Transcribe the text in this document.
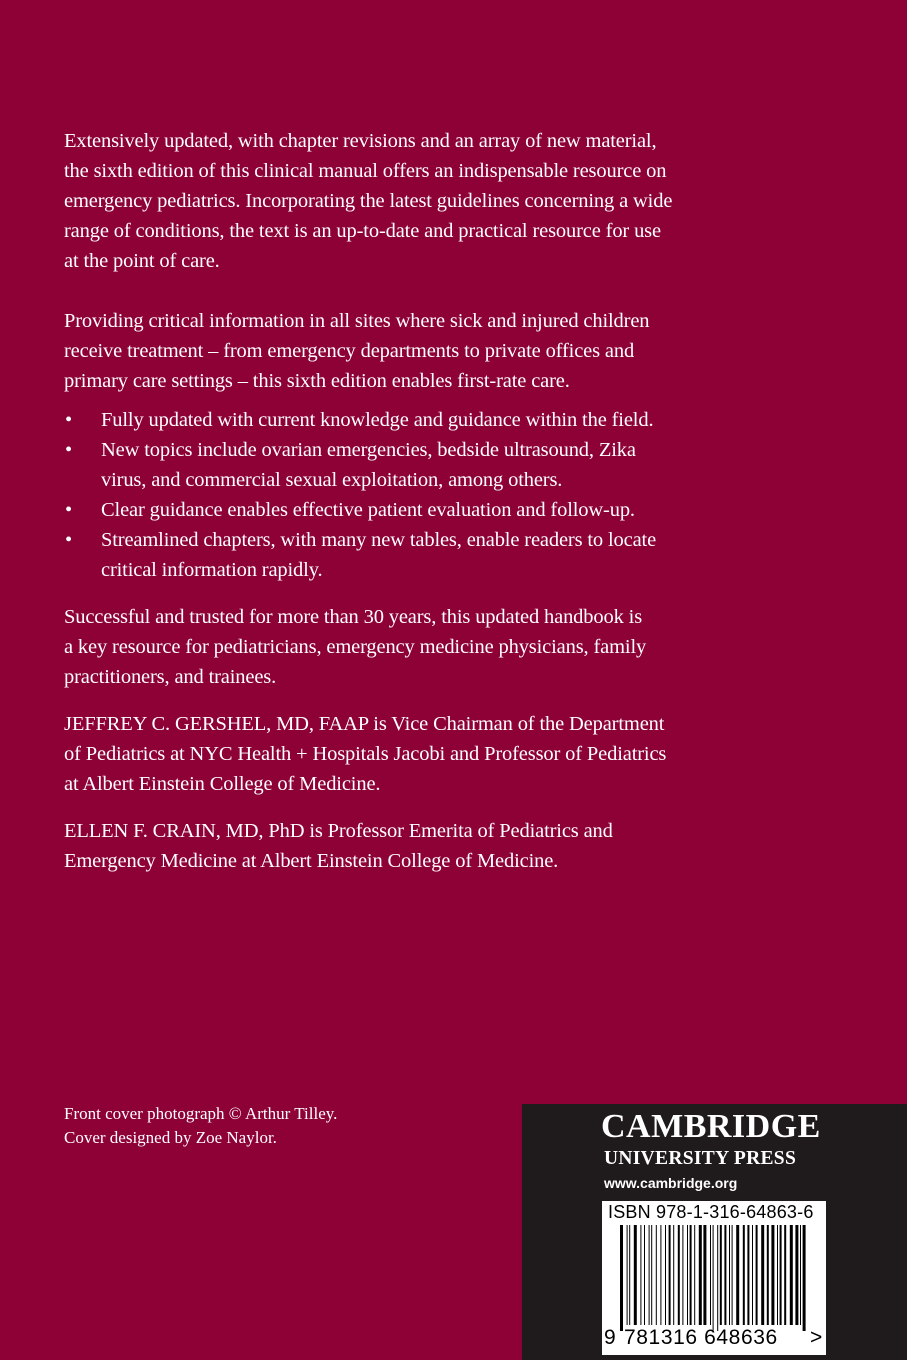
Extensively updated, with chapter revisions and an array of new material,
the sixth edition of this clinical manual offers an indispensable resource on
emergency pediatrics. Incorporating the latest guidelines concerning a wide
range of conditions, the text is an up-to-date and practical resource for use
at the point of care.

Providing critical information in all sites where sick and injured children
receive treatment – from emergency departments to private offices and
primary care settings – this sixth edition enables first-rate care.

• Fully updated with current knowledge and guidance within the field.
• New topics include ovarian emergencies, bedside ultrasound, Zika
virus, and commercial sexual exploitation, among others.
• Clear guidance enables effective patient evaluation and follow-up.
• Streamlined chapters, with many new tables, enable readers to locate
critical information rapidly.

Successful and trusted for more than 30 years, this updated handbook is
a key resource for pediatricians, emergency medicine physicians, family
practitioners, and trainees.

JEFFREY C. GERSHEL, MD, FAAP is Vice Chairman of the Department
of Pediatrics at NYC Health + Hospitals Jacobi and Professor of Pediatrics
at Albert Einstein College of Medicine.

ELLEN F. CRAIN, MD, PhD is Professor Emerita of Pediatrics and
Emergency Medicine at Albert Einstein College of Medicine.

Front cover photograph © Arthur Tilley.
Cover designed by Zoe Naylor.	CAMBRIDGE
UNIVERSITY PRESS
www.cambridge.org
ISBN 978-1-316-64863-6
9 781316 648636 >
